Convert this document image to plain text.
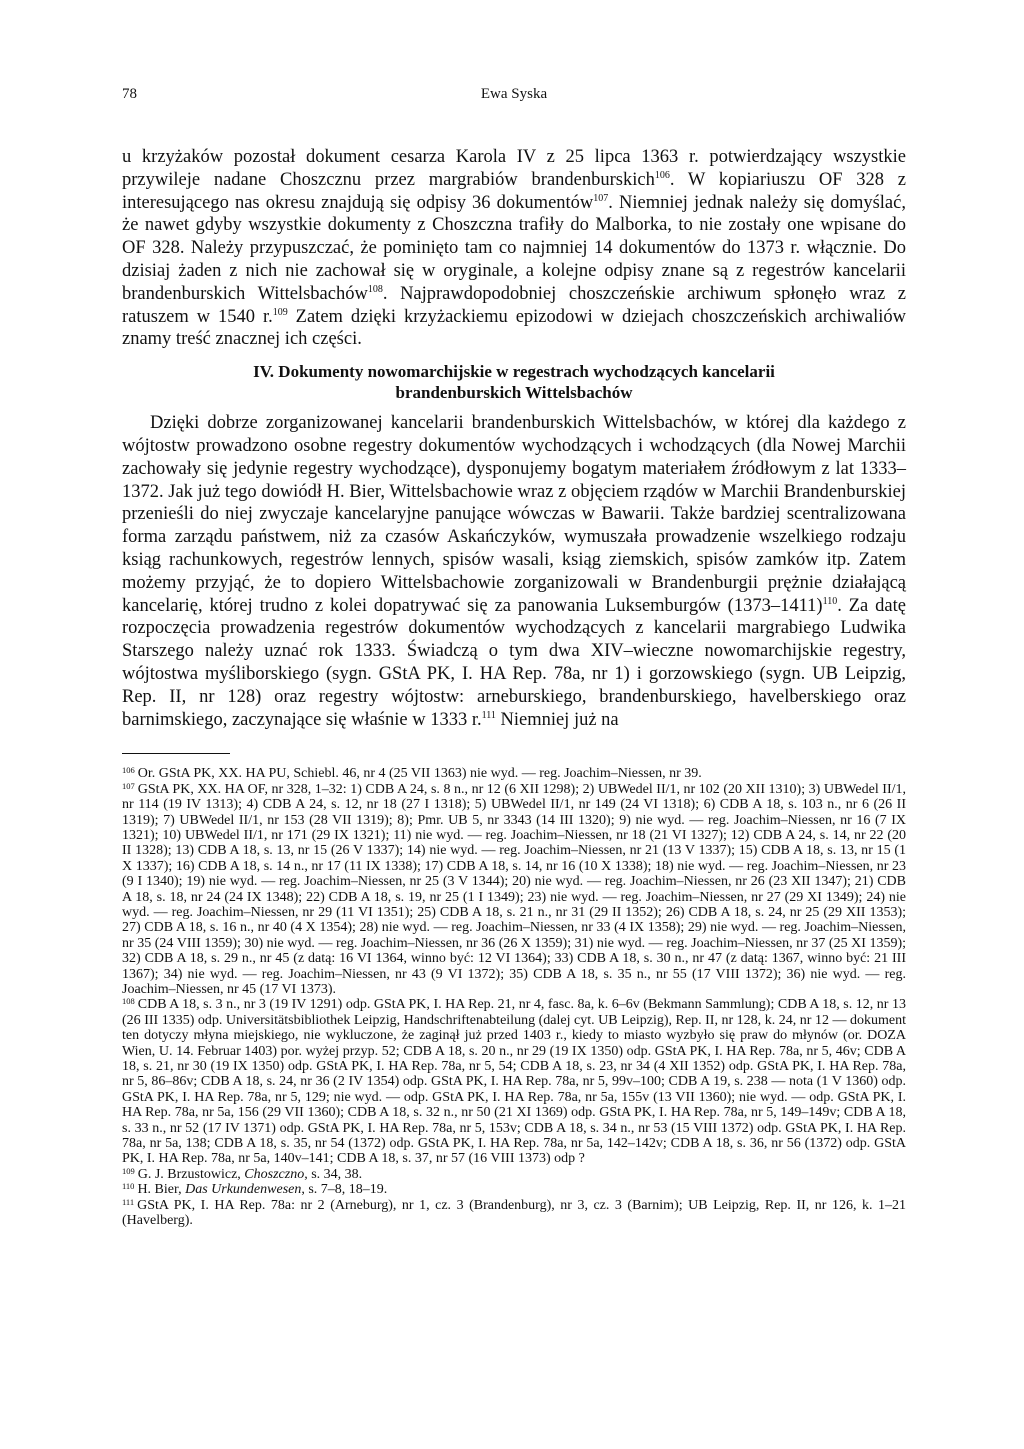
78	Ewa Syska

u krzyżaków pozostał dokument cesarza Karola IV z 25 lipca 1363 r. potwierdzający wszystkie przywileje nadane Choszcznu przez margrabiów brandenburskich$^{106}$. W kopiariuszu OF 328 z interesującego nas okresu znajdują się odpisy 36 dokumentów$^{107}$. Niemniej jednak należy się domyślać, że nawet gdyby wszystkie dokumenty z Choszczna trafiły do Malborka, to nie zostały one wpisane do OF 328. Należy przypuszczać, że pominięto tam co najmniej 14 dokumentów do 1373 r. włącznie. Do dzisiaj żaden z nich nie zachował się w oryginale, a kolejne odpisy znane są z regestrów kancelarii brandenburskich Wittelsbachów$^{108}$. Najprawdopodobniej choszczeńskie archiwum spłonęło wraz z ratuszem w 1540 r.$^{109}$ Zatem dzięki krzyżackiemu epizodowi w dziejach choszczeńskich archiwaliów znamy treść znacznej ich części.

IV. Dokumenty nowomarchijskie w regestrach wychodzących kancelarii
brandenburskich Wittelsbachów

Dzięki dobrze zorganizowanej kancelarii brandenburskich Wittelsbachów, w której dla każdego z wójtostw prowadzono osobne regestry dokumentów wychodzących i wchodzących (dla Nowej Marchii zachowały się jedynie regestry wychodzące), dysponujemy bogatym materiałem źródłowym z lat 1333–1372. Jak już tego dowiódł H. Bier, Wittelsbachowie wraz z objęciem rządów w Marchii Brandenburskiej przenieśli do niej zwyczaje kancelaryjne panujące wówczas w Bawarii. Także bardziej scentralizowana forma zarządu państwem, niż za czasów Askańczyków, wymuszała prowadzenie wszelkiego rodzaju ksiąg rachunkowych, regestrów lennych, spisów wasali, ksiąg ziemskich, spisów zamków itp. Zatem możemy przyjąć, że to dopiero Wittelsbachowie zorganizowali w Brandenburgii prężnie działającą kancelarię, której trudno z kolei dopatrywać się za panowania Luksemburgów (1373–1411)$^{110}$. Za datę rozpoczęcia prowadzenia regestrów dokumentów wychodzących z kancelarii margrabiego Ludwika Starszego należy uznać rok 1333. Świadczą o tym dwa XIV–wieczne nowomarchijskie regestry, wójtostwa myśliborskiego (sygn. GStA PK, I. HA Rep. 78a, nr 1) i gorzowskiego (sygn. UB Leipzig, Rep. II, nr 128) oraz regestry wójtostw: arneburskiego, brandenburskiego, havelberskiego oraz barnimskiego, zaczynające się właśnie w 1333 r.$^{111}$ Niemniej już na

$^{106}$ Or. GStA PK, XX. HA PU, Schiebl. 46, nr 4 (25 VII 1363) nie wyd. — reg. Joachim–Niessen, nr 39.

$^{107}$ GStA PK, XX. HA OF, nr 328, 1–32: 1) CDB A 24, s. 8 n., nr 12 (6 XII 1298); 2) UBWedel II/1, nr 102 (20 XII 1310); 3) UBWedel II/1, nr 114 (19 IV 1313); 4) CDB A 24, s. 12, nr 18 (27 I 1318); 5) UBWedel II/1, nr 149 (24 VI 1318); 6) CDB A 18, s. 103 n., nr 6 (26 II 1319); 7) UBWedel II/1, nr 153 (28 VII 1319); 8); Pmr. UB 5, nr 3343 (14 III 1320); 9) nie wyd. — reg. Joachim–Niessen, nr 16 (7 IX 1321); 10) UBWedel II/1, nr 171 (29 IX 1321); 11) nie wyd. — reg. Joachim–Niessen, nr 18 (21 VI 1327); 12) CDB A 24, s. 14, nr 22 (20 II 1328); 13) CDB A 18, s. 13, nr 15 (26 V 1337); 14) nie wyd. — reg. Joachim–Niessen, nr 21 (13 V 1337); 15) CDB A 18, s. 13, nr 15 (1 X 1337); 16) CDB A 18, s. 14 n., nr 17 (11 IX 1338); 17) CDB A 18, s. 14, nr 16 (10 X 1338); 18) nie wyd. — reg. Joachim–Niessen, nr 23 (9 I 1340); 19) nie wyd. — reg. Joachim–Niessen, nr 25 (3 V 1344); 20) nie wyd. — reg. Joachim–Niessen, nr 26 (23 XII 1347); 21) CDB A 18, s. 18, nr 24 (24 IX 1348); 22) CDB A 18, s. 19, nr 25 (1 I 1349); 23) nie wyd. — reg. Joachim–Niessen, nr 27 (29 XI 1349); 24) nie wyd. — reg. Joachim–Niessen, nr 29 (11 VI 1351); 25) CDB A 18, s. 21 n., nr 31 (29 II 1352); 26) CDB A 18, s. 24, nr 25 (29 XII 1353); 27) CDB A 18, s. 16 n., nr 40 (4 X 1354); 28) nie wyd. — reg. Joachim–Niessen, nr 33 (4 IX 1358); 29) nie wyd. — reg. Joachim–Niessen, nr 35 (24 VIII 1359); 30) nie wyd. — reg. Joachim–Niessen, nr 36 (26 X 1359); 31) nie wyd. — reg. Joachim–Niessen, nr 37 (25 XI 1359); 32) CDB A 18, s. 29 n., nr 45 (z datą: 16 VI 1364, winno być: 12 VI 1364); 33) CDB A 18, s. 30 n., nr 47 (z datą: 1367, winno być: 21 III 1367); 34) nie wyd. — reg. Joachim–Niessen, nr 43 (9 VI 1372); 35) CDB A 18, s. 35 n., nr 55 (17 VIII 1372); 36) nie wyd. — reg. Joachim–Niessen, nr 45 (17 VI 1373).

$^{108}$ CDB A 18, s. 3 n., nr 3 (19 IV 1291) odp. GStA PK, I. HA Rep. 21, nr 4, fasc. 8a, k. 6–6v (Bekmann Sammlung); CDB A 18, s. 12, nr 13 (26 III 1335) odp. Universitätsbibliothek Leipzig, Handschriftenabteilung (dalej cyt. UB Leipzig), Rep. II, nr 128, k. 24, nr 12 — dokument ten dotyczy młyna miejskiego, nie wykluczone, że zaginął już przed 1403 r., kiedy to miasto wyzbyło się praw do młynów (or. DOZA Wien, U. 14. Februar 1403) por. wyżej przyp. 52; CDB A 18, s. 20 n., nr 29 (19 IX 1350) odp. GStA PK, I. HA Rep. 78a, nr 5, 46v; CDB A 18, s. 21, nr 30 (19 IX 1350) odp. GStA PK, I. HA Rep. 78a, nr 5, 54; CDB A 18, s. 23, nr 34 (4 XII 1352) odp. GStA PK, I. HA Rep. 78a, nr 5, 86–86v; CDB A 18, s. 24, nr 36 (2 IV 1354) odp. GStA PK, I. HA Rep. 78a, nr 5, 99v–100; CDB A 19, s. 238 — nota (1 V 1360) odp. GStA PK, I. HA Rep. 78a, nr 5, 129; nie wyd. — odp. GStA PK, I. HA Rep. 78a, nr 5a, 155v (13 VII 1360); nie wyd. — odp. GStA PK, I. HA Rep. 78a, nr 5a, 156 (29 VII 1360); CDB A 18, s. 32 n., nr 50 (21 XI 1369) odp. GStA PK, I. HA Rep. 78a, nr 5, 149–149v; CDB A 18, s. 33 n., nr 52 (17 IV 1371) odp. GStA PK, I. HA Rep. 78a, nr 5, 153v; CDB A 18, s. 34 n., nr 53 (15 VIII 1372) odp. GStA PK, I. HA Rep. 78a, nr 5a, 138; CDB A 18, s. 35, nr 54 (1372) odp. GStA PK, I. HA Rep. 78a, nr 5a, 142–142v; CDB A 18, s. 36, nr 56 (1372) odp. GStA PK, I. HA Rep. 78a, nr 5a, 140v–141; CDB A 18, s. 37, nr 57 (16 VIII 1373) odp ?

$^{109}$ G. J. Brzustowicz, Choszczno, s. 34, 38.

$^{110}$ H. Bier, Das Urkundenwesen, s. 7–8, 18–19.

$^{111}$ GStA PK, I. HA Rep. 78a: nr 2 (Arneburg), nr 1, cz. 3 (Brandenburg), nr 3, cz. 3 (Barnim); UB Leipzig, Rep. II, nr 126, k. 1–21 (Havelberg).
